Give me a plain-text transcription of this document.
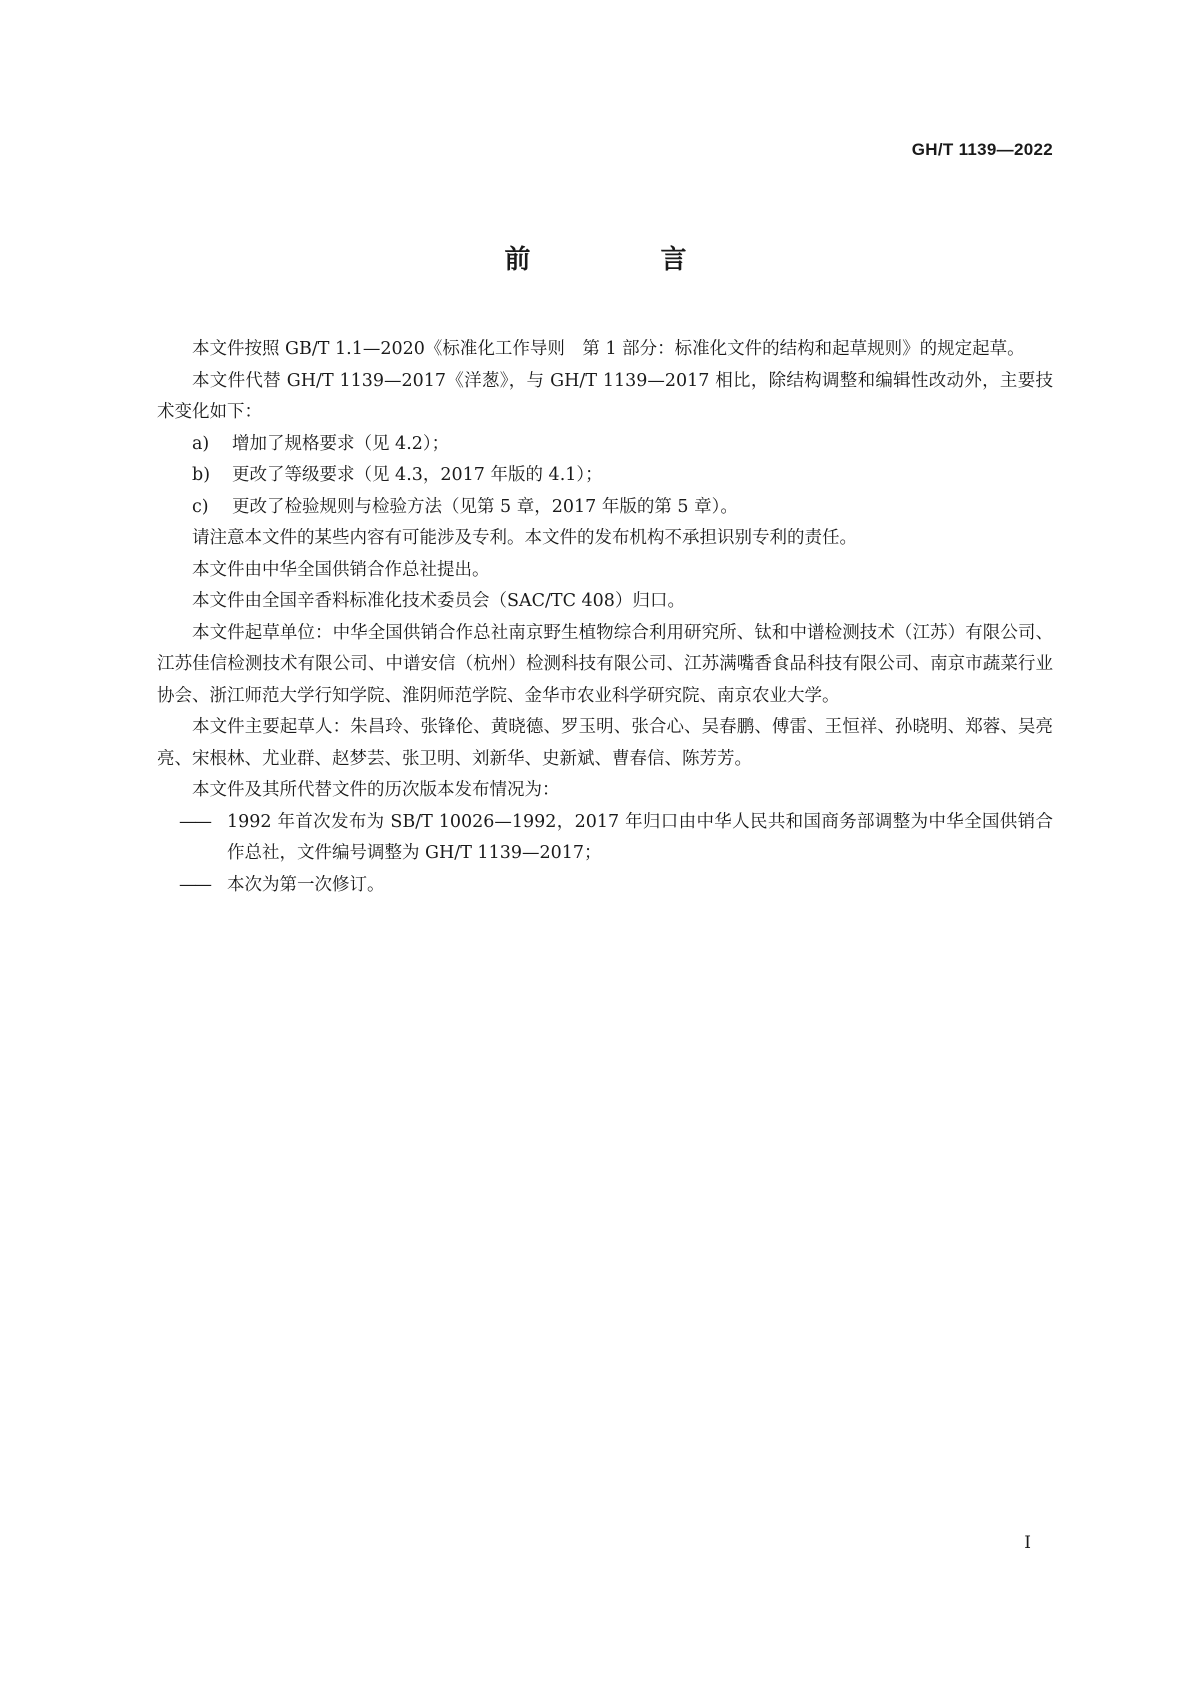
GH/T 1139—2022
前　言

本文件按照 GB/T 1.1—2020《标准化工作导则　第 1 部分：标准化文件的结构和起草规则》的规定起草。

本文件代替 GH/T 1139—2017《洋葱》，与 GH/T 1139—2017 相比，除结构调整和编辑性改动外，主要技术变化如下：

a) 增加了规格要求（见 4.2）；

b) 更改了等级要求（见 4.3，2017 年版的 4.1）；

c) 更改了检验规则与检验方法（见第 5 章，2017 年版的第 5 章）。

请注意本文件的某些内容有可能涉及专利。本文件的发布机构不承担识别专利的责任。

本文件由中华全国供销合作总社提出。

本文件由全国辛香料标准化技术委员会（SAC/TC 408）归口。

本文件起草单位：中华全国供销合作总社南京野生植物综合利用研究所、钛和中谱检测技术（江苏）有限公司、江苏佳信检测技术有限公司、中谱安信（杭州）检测科技有限公司、江苏满嘴香食品科技有限公司、南京市蔬菜行业协会、浙江师范大学行知学院、淮阴师范学院、金华市农业科学研究院、南京农业大学。

本文件主要起草人：朱昌玲、张锋伦、黄晓德、罗玉明、张合心、吴春鹏、傅雷、王恒祥、孙晓明、郑蓉、吴亮亮、宋根林、尤业群、赵梦芸、张卫明、刘新华、史新斌、曹春信、陈芳芳。

本文件及其所代替文件的历次版本发布情况为：

—— 1992 年首次发布为 SB/T 10026—1992，2017 年归口由中华人民共和国商务部调整为中华全国供销合作总社，文件编号调整为 GH/T 1139—2017；

—— 本次为第一次修订。

I
